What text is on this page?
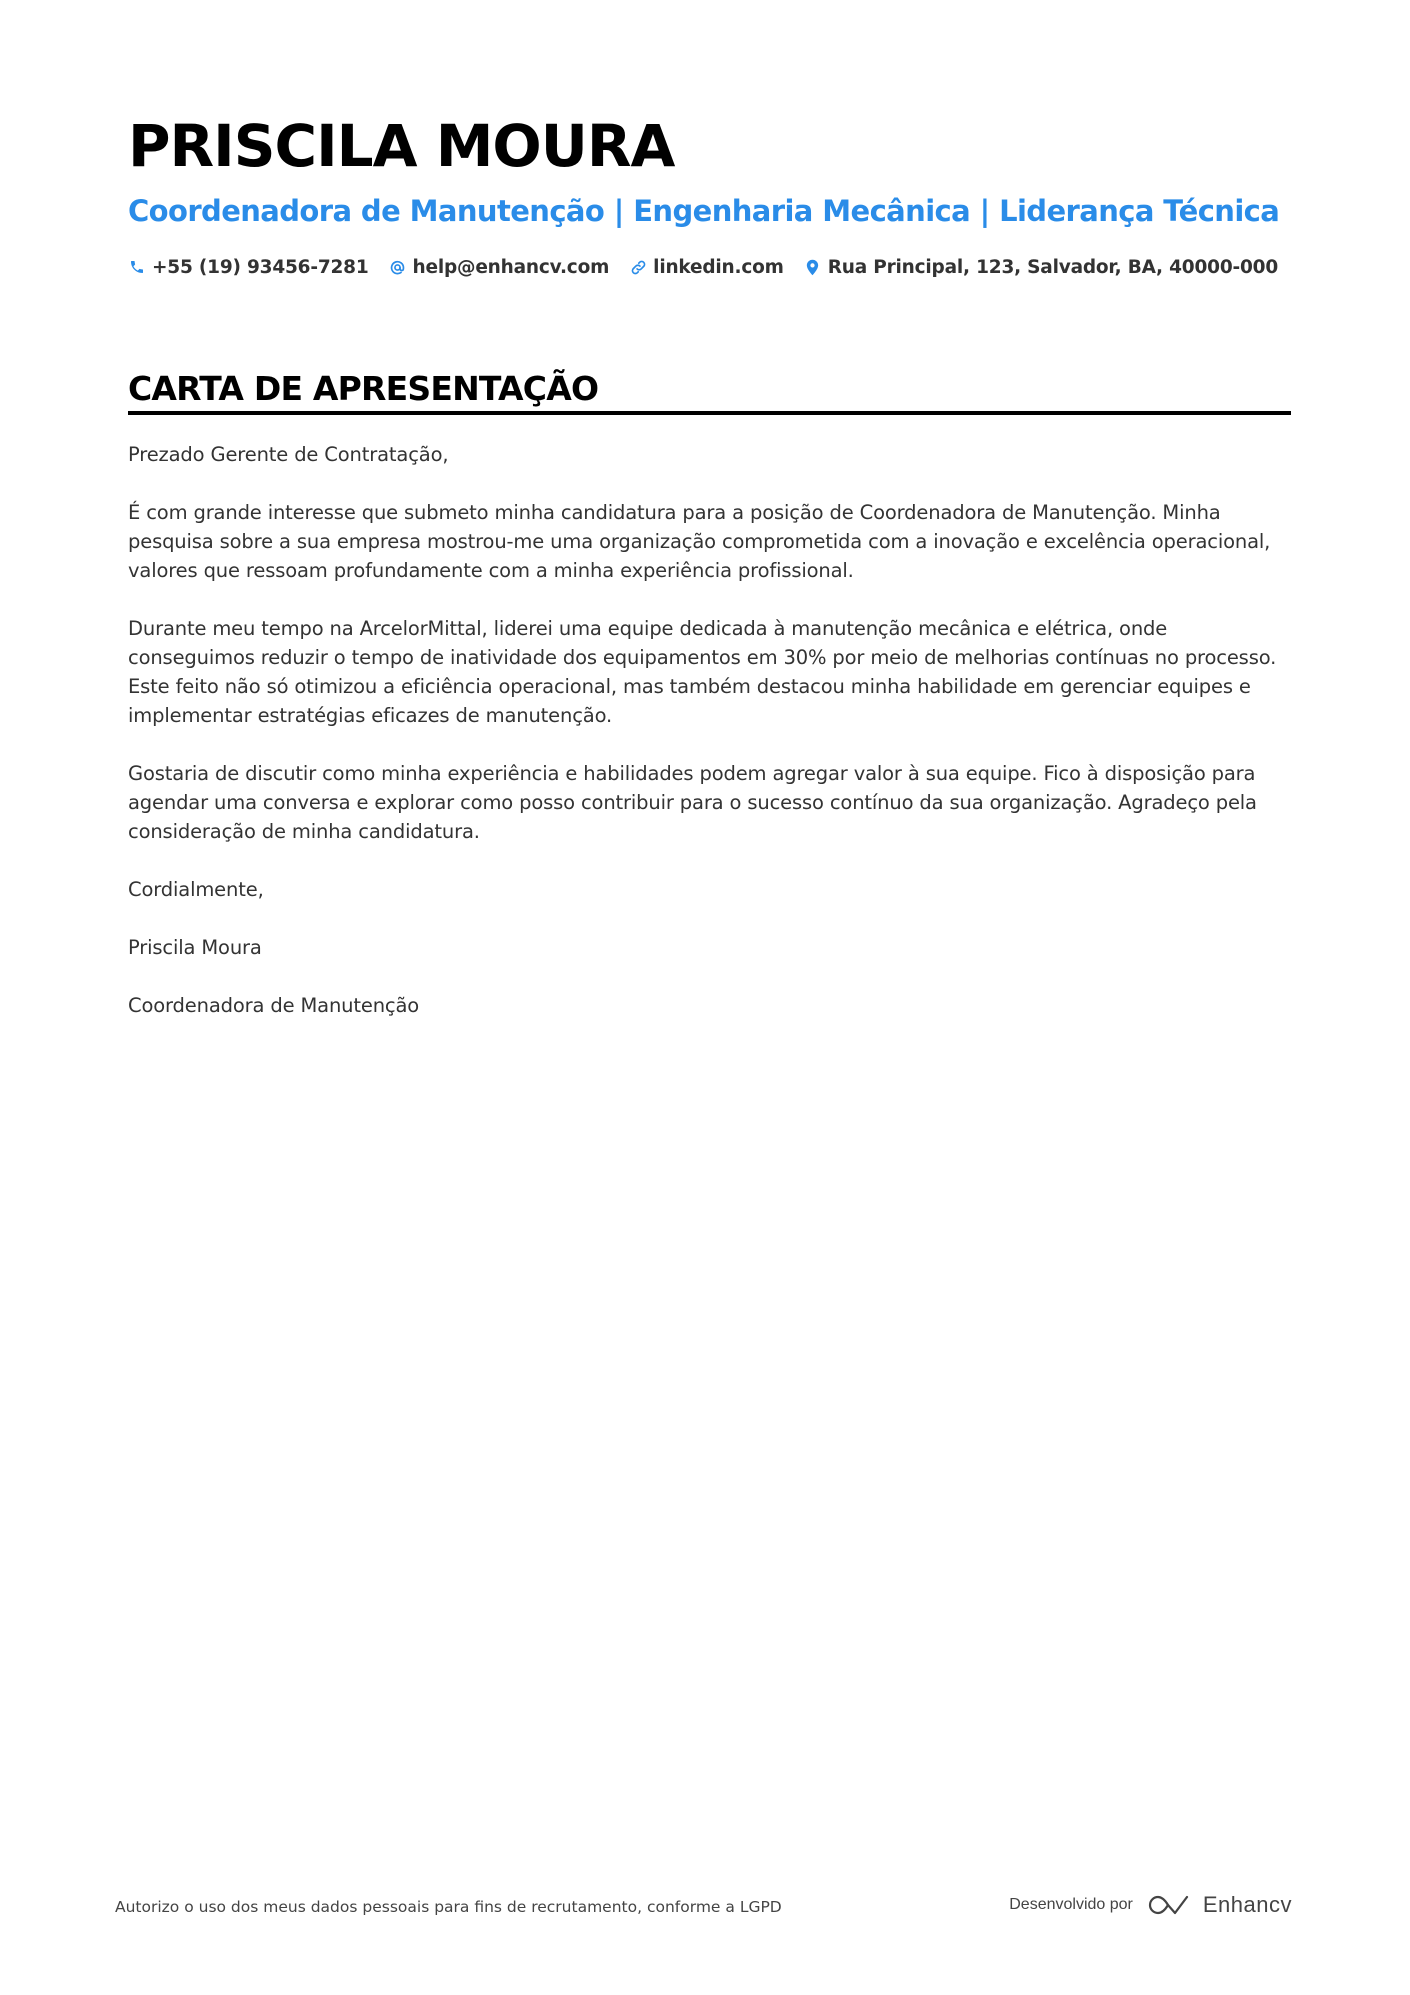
PRISCILA MOURA
Coordenadora de Manutenção | Engenharia Mecânica | Liderança Técnica
+55 (19) 93456-7281 help@enhancv.com linkedin.com Rua Principal, 123, Salvador, BA, 40000-000
CARTA DE APRESENTAÇÃO

Prezado Gerente de Contratação,

É com grande interesse que submeto minha candidatura para a posição de Coordenadora de Manutenção. Minha pesquisa sobre a sua empresa mostrou-me uma organização comprometida com a inovação e excelência operacional, valores que ressoam profundamente com a minha experiência profissional.

Durante meu tempo na ArcelorMittal, liderei uma equipe dedicada à manutenção mecânica e elétrica, onde conseguimos reduzir o tempo de inatividade dos equipamentos em 30% por meio de melhorias contínuas no processo. Este feito não só otimizou a eficiência operacional, mas também destacou minha habilidade em gerenciar equipes e implementar estratégias eficazes de manutenção.

Gostaria de discutir como minha experiência e habilidades podem agregar valor à sua equipe. Fico à disposição para agendar uma conversa e explorar como posso contribuir para o sucesso contínuo da sua organização. Agradeço pela consideração de minha candidatura.

Cordialmente,

Priscila Moura

Coordenadora de Manutenção

Autorizo o uso dos meus dados pessoais para fins de recrutamento, conforme a LGPD	Desenvolvido por	Enhancv
